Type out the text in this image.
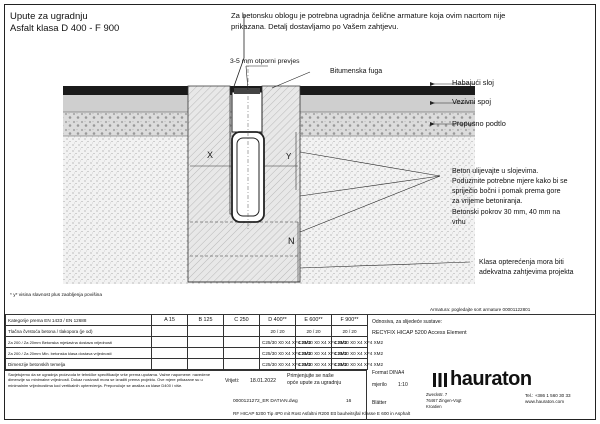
Upute za ugradnju
Asfalt klasa D 400 - F 900
Za betonsku oblogu je potrebna ugradnja čelične armature koja ovim nacrtom nije
prikazana. Detalj dostavljamo po Vašem zahtjevu.
3-5 mm otporni prevjes
Bitumenska fuga
Habajući sloj
Vezivni spoj
Propusno podtlo
Beton ulijevajte u slojevima.
Poduzmite potrebne mjere kako bi se
spriječio bočni i pomak prema gore
za vrijeme betoniranja.
Betonski pokrov 30 mm, 40 mm na
vrhu
Klasa opterećenja mora biti
adekvatna zahtjevima projekta
X	Y
N
* y* visina slavnost plus zaobljenja povišina
Armatura: pogledajte sort armature 00001122801
Kategorije prema EN 1433 / EN 12688	A 15	B 125	C 250	D 400**	E 600**	F 900**
Tlačna čvrstoća betona / tlakopora (je od)				20 / 20	20 / 20	20 / 20
Za 200 / Za 20mm Betonska mješavina dostava vrijednosti				C25/30 X0 X4 XF4 XM2	C25/30 X0 X4 XF4 XM2	C25/30 X0 X4 XF4 XM2
Za 200 / Za 20mm Min. betonska klasa dostava vrijednosti				C25/30 X0 X4 XF4 XM2	C25/30 X0 X4 XF4 XM2	C25/30 X0 X4 XF4 XM2
Dimenzije betonskih temelja				C25/30 X0 X4 XF4 XM2	C25/30 X0 X4 XF4 XM2	C25/30 X0 X4 XF4 XM2
Savjetujemo da se ugradnja proizvoda te tehničke specifikacije vrše prema uputama. Važne napomene: navedene dimenzije su minimalne vrijednosti. Dokaz nosivosti mora se izraditi prema projektu. Ove mjere prikazane su u minimalnim vrijednostima kod vertikalnih opterećenja. Preporučuje se analiza za klase D400 i više.
Vrijeti: 18.01.2022
Primjenjujte se naše
opće upute za ugradnju
0000121272_ER DATIAN.dwg	16
RF HICAP 5200 Tip 4P0 mit Rost Asfaltni R200 Ett bauheitsjfal Klasse E 600 in Asphalt
Odnosiva, za slijedeće sustave:
RECYFIX HICAP 5200 Access Element
Format DIN A4
mjerilo 1:10
Blätter
hauraton
Zweckstr. 7
76467 Zingen-Vogt
Kroatien
Tel.: +386 1 560 30 33
www.hauraton.com
